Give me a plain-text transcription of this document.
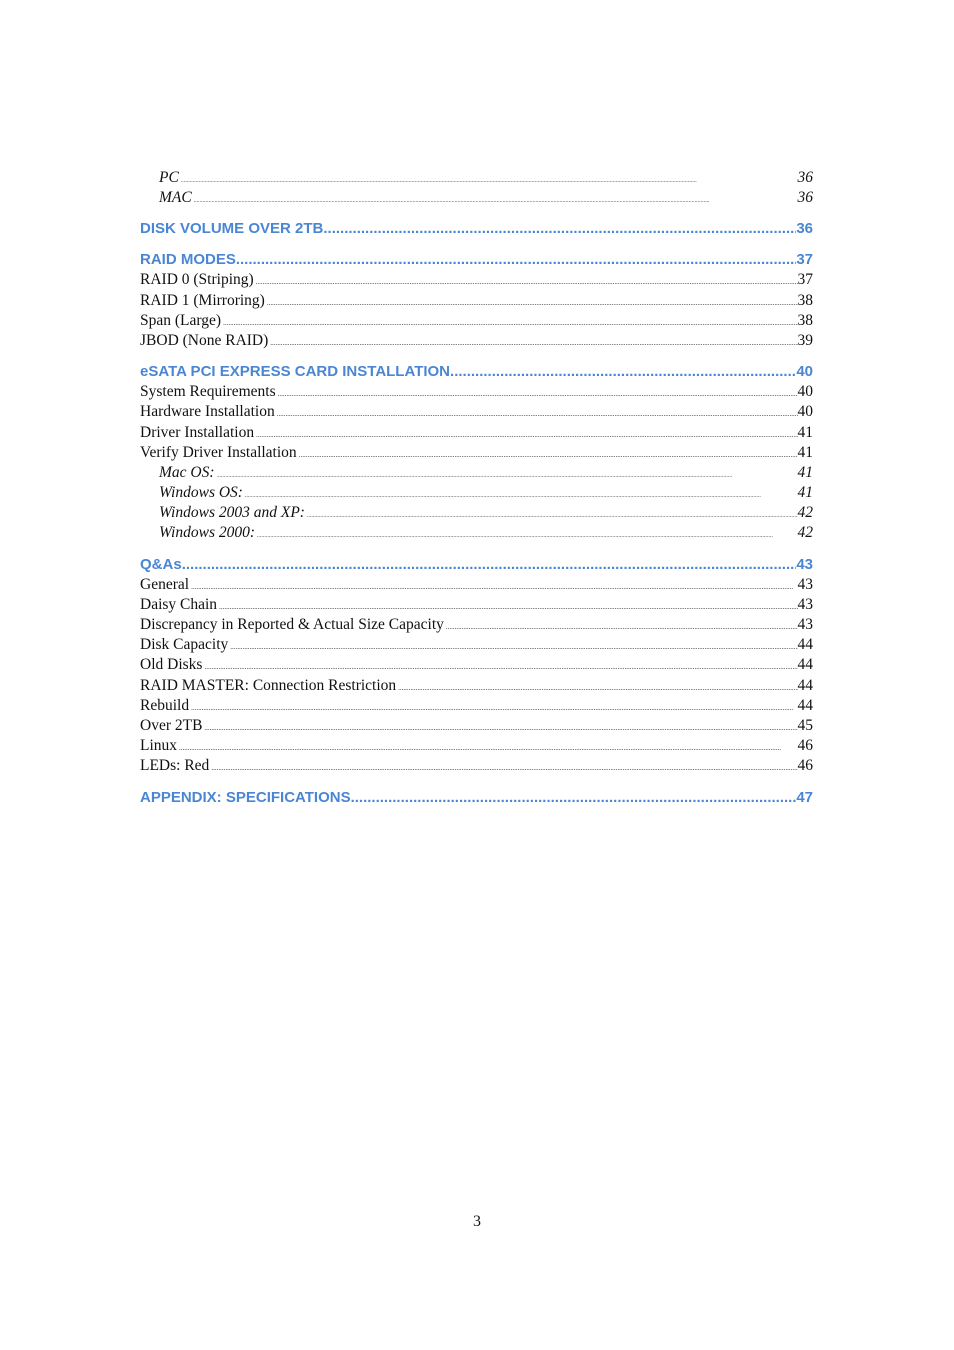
PC .....	36
MAC .....	36
DISK VOLUME OVER 2TB .....	36
RAID MODES .....	37
RAID 0 (Striping) .....	37
RAID 1 (Mirroring) .....	38
Span (Large) .....	38
JBOD (None RAID) .....	39
eSATA PCI EXPRESS CARD INSTALLATION .....	40
System Requirements .....	40
Hardware Installation .....	40
Driver Installation .....	41
Verify Driver Installation .....	41
Mac OS: .....	41
Windows OS: .....	41
Windows 2003 and XP: .....	42
Windows 2000: .....	42
Q&As .....	43
General .....	43
Daisy Chain .....	43
Discrepancy in Reported & Actual Size Capacity .....	43
Disk Capacity .....	44
Old Disks .....	44
RAID MASTER: Connection Restriction .....	44
Rebuild .....	44
Over 2TB .....	45
Linux .....	46
LEDs: Red .....	46
APPENDIX: SPECIFICATIONS .....	47
3
